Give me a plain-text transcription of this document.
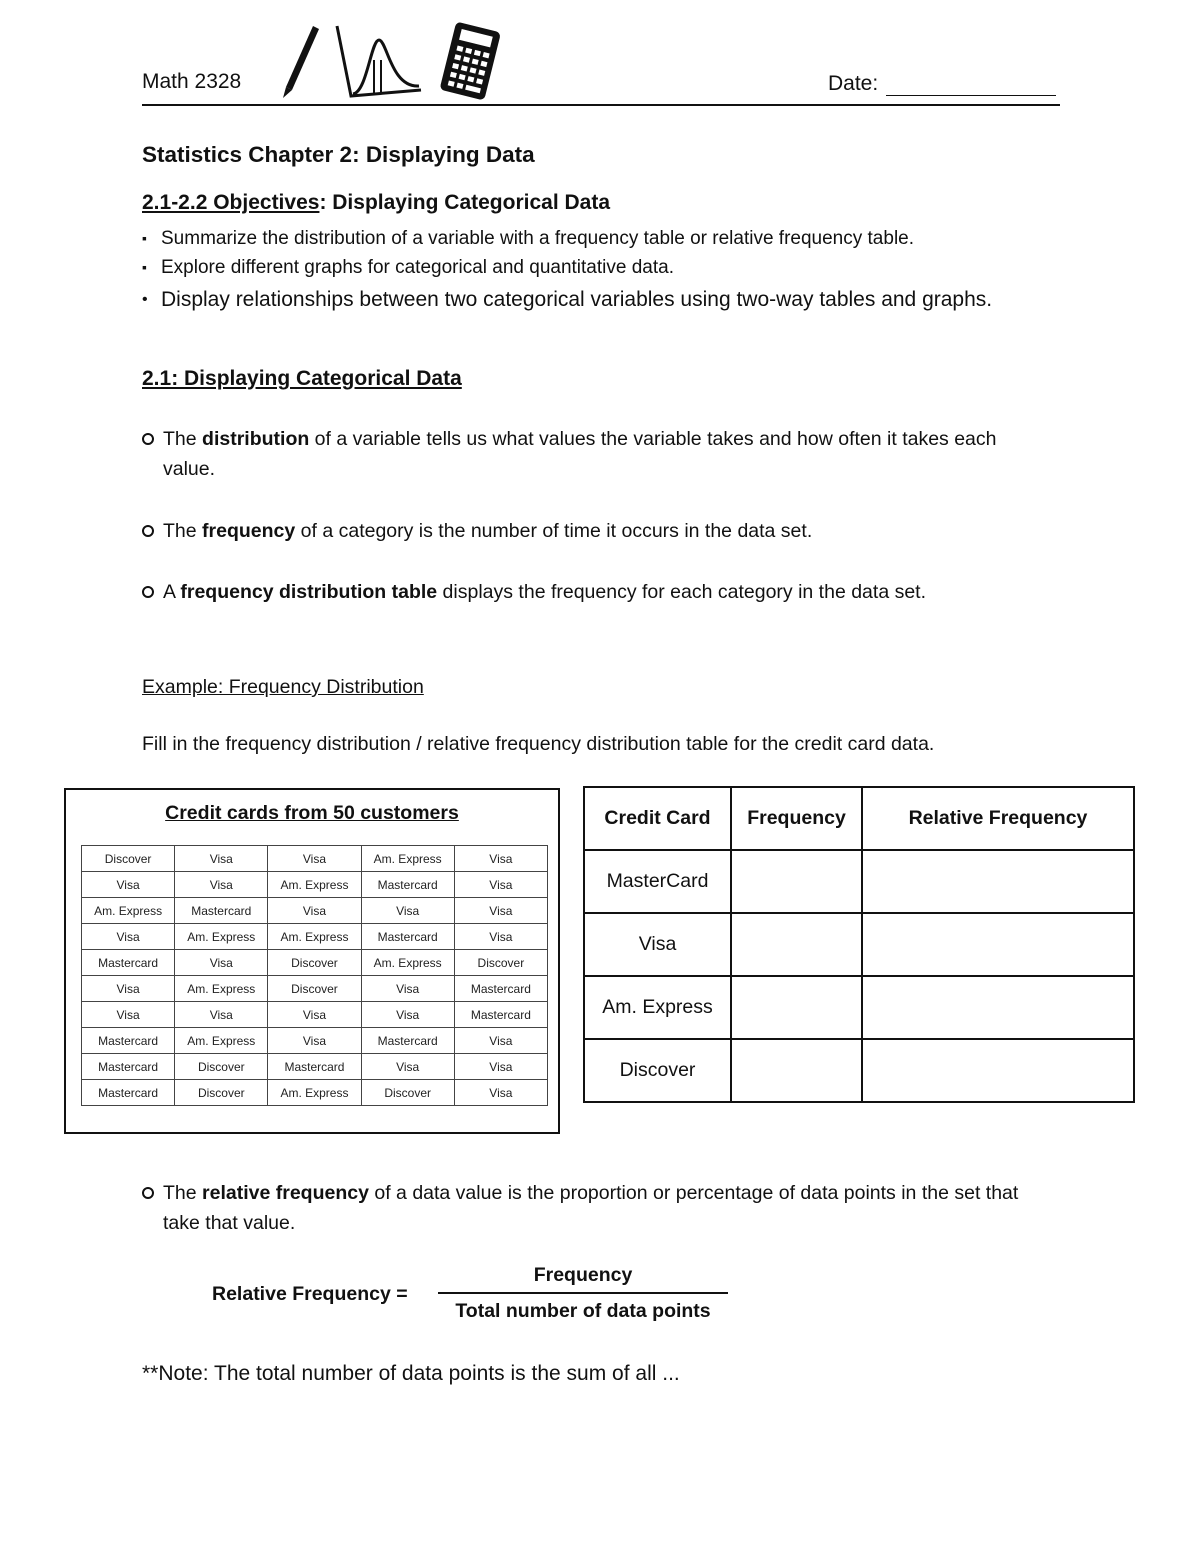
Math 2328	Date:
Statistics Chapter 2: Displaying Data
2.1-2.2 Objectives: Displaying Categorical Data
▪ Summarize the distribution of a variable with a frequency table or relative frequency table.
▪ Explore different graphs for categorical and quantitative data.
• Display relationships between two categorical variables using two-way tables and graphs.
2.1: Displaying Categorical Data
The distribution of a variable tells us what values the variable takes and how often it takes each value.
The frequency of a category is the number of time it occurs in the data set.
A frequency distribution table displays the frequency for each category in the data set.
Example: Frequency Distribution
Fill in the frequency distribution / relative frequency distribution table for the credit card data.
Credit cards from 50 customers
Discover	Visa	Visa	Am. Express	Visa
Visa	Visa	Am. Express	Mastercard	Visa
Am. Express	Mastercard	Visa	Visa	Visa
Visa	Am. Express	Am. Express	Mastercard	Visa
Mastercard	Visa	Discover	Am. Express	Discover
Visa	Am. Express	Discover	Visa	Mastercard
Visa	Visa	Visa	Visa	Mastercard
Mastercard	Am. Express	Visa	Mastercard	Visa
Mastercard	Discover	Mastercard	Visa	Visa
Mastercard	Discover	Am. Express	Discover	Visa
Credit Card	Frequency	Relative Frequency
MasterCard		
Visa		
Am. Express		
Discover		
The relative frequency of a data value is the proportion or percentage of data points in the set that take that value.
Relative Frequency =
Frequency
Total number of data points
**Note: The total number of data points is the sum of all ...
